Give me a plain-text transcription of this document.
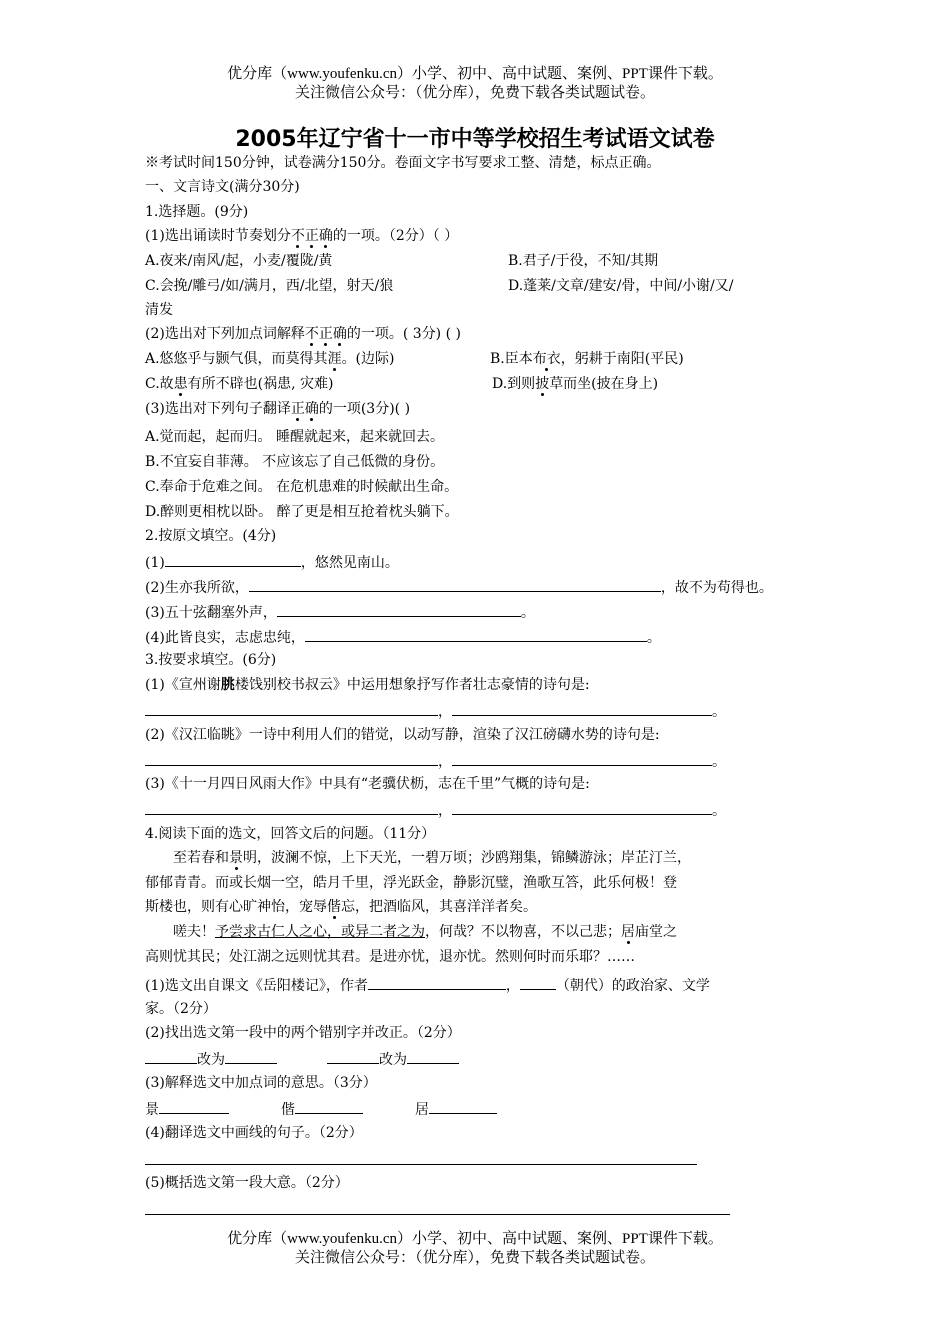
优分库（www.youfenku.cn）小学、初中、高中试题、案例、PPT课件下载。
关注微信公众号：（优分库），免费下载各类试题试卷。
2005年辽宁省十一市中等学校招生考试语文试卷
※考试时间150分钟，试卷满分150分。卷面文字书写要求工整、清楚，标点正确。
一、文言诗文(满分30分)
1.选择题。(9分)
(1)选出诵读时节奏划分不正确的一项。（2分）（ ）
A.夜来/南风/起，小麦/覆陇/黄	B.君子/于役，不知/其期
C.会挽/雕弓/如/满月，西/北望，射天/狼	D.蓬莱/文章/建安/骨，中间/小谢/又/
清发
(2)选出对下列加点词解释不正确的一项。( 3分) ( )
A.悠悠乎与颢气俱，而莫得其涯。(边际)	B.臣本布衣，躬耕于南阳(平民)
C.故患有所不辟也(祸患, 灾难)	D.到则披草而坐(披在身上)
(3)选出对下列句子翻译正确的一项(3分)( )
A.觉而起，起而归。 睡醒就起来，起来就回去。
B.不宜妄自菲薄。 不应该忘了自己低微的身份。
C.奉命于危难之间。 在危机患难的时候献出生命。
D.醉则更相枕以卧。 醉了更是相互抢着枕头躺下。
2.按原文填空。(4分)
(1)	，悠然见南山。
(2)生亦我所欲，	，故不为苟得也。
(3)五十弦翻塞外声，	。
(4)此皆良实，志虑忠纯，	。
3.按要求填空。(6分)
(1)《宣州谢朓楼饯别校书叔云》中运用想象抒写作者壮志豪情的诗句是:
，	。
(2)《汉江临眺》一诗中利用人们的错觉，以动写静，渲染了汉江磅礴水势的诗句是:
，	。
(3)《十一月四日风雨大作》中具有“老骥伏枥，志在千里”气概的诗句是:
，	。
4.阅读下面的选文，回答文后的问题。（11分）
至若春和景明，波澜不惊，上下天光，一碧万顷；沙鸥翔集，锦鳞游泳；岸芷汀兰，
郁郁青青。而或长烟一空，皓月千里，浮光跃金，静影沉璧，渔歌互答，此乐何极！登
斯楼也，则有心旷神怡，宠辱偕忘，把酒临风，其喜洋洋者矣。
嗟夫！予尝求古仁人之心，或异二者之为，何哉？不以物喜，不以己悲；居庙堂之
高则忧其民；处江湖之远则忧其君。是进亦忧，退亦忧。然则何时而乐耶？……
(1)选文出自课文《岳阳楼记》，作者	，	（朝代）的政治家、文学
家。（2分）
(2)找出选文第一段中的两个错别字并改正。（2分）
改为	改为
(3)解释选文中加点词的意思。（3分）
景	偕	居
(4)翻译选文中画线的句子。（2分）
(5)概括选文第一段大意。（2分）
优分库（www.youfenku.cn）小学、初中、高中试题、案例、PPT课件下载。
关注微信公众号：（优分库），免费下载各类试题试卷。
